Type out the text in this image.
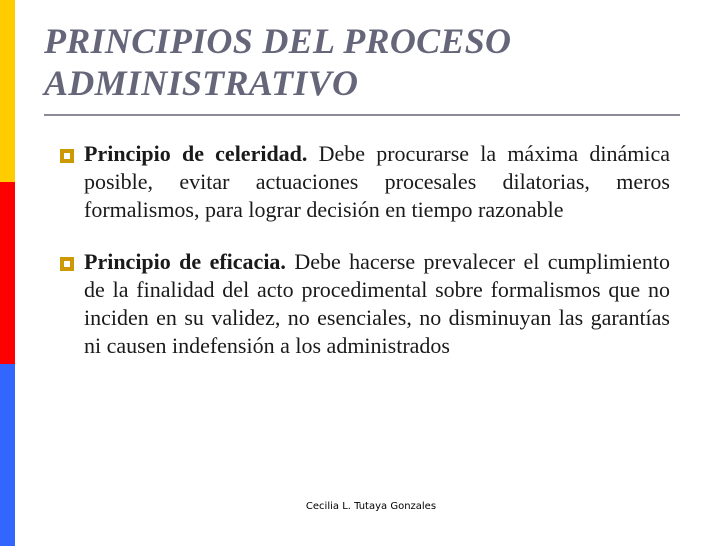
PRINCIPIOS DEL PROCESO ADMINISTRATIVO
Principio de celeridad. Debe procurarse la máxima dinámica posible, evitar actuaciones procesales dilatorias, meros formalismos, para lograr decisión en tiempo razonable
Principio de eficacia. Debe hacerse prevalecer el cumplimiento de la finalidad del acto procedimental sobre formalismos que no inciden en su validez, no esenciales, no disminuyan las garantías ni causen indefensión a los administrados
Cecilia L. Tutaya Gonzales
